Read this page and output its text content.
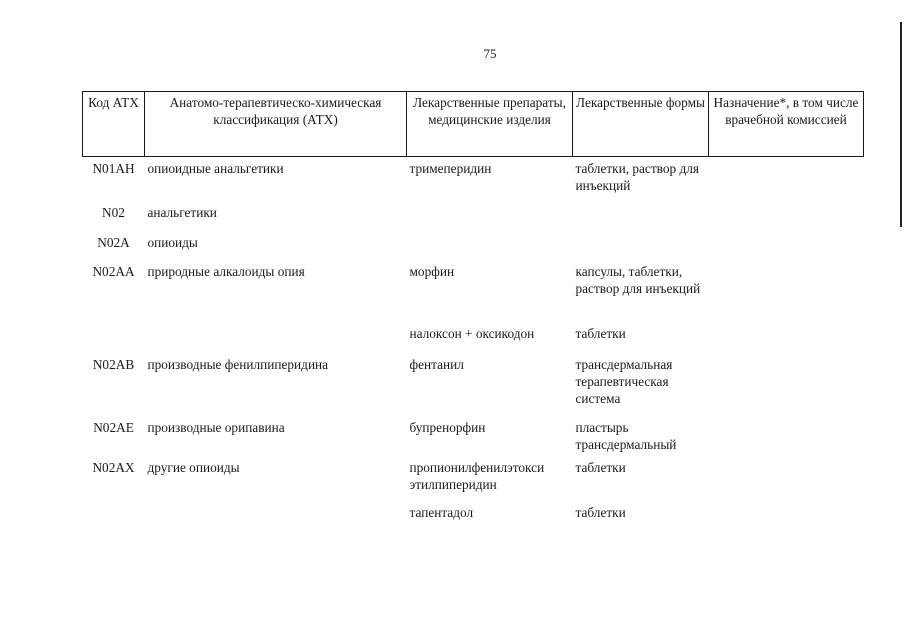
75
Код АТХ	Анатомо-терапевтическо-химическая классификация (АТХ)	Лекарственные препараты, медицинские изделия	Лекарственные формы	Назначение*, в том числе врачебной комиссией
N01AH	опиоидные анальгетики	тримеперидин	таблетки, раствор для инъекций	
N02	анальгетики			
N02A	опиоиды			
N02AA	природные алкалоиды опия	морфин	капсулы, таблетки, раствор для инъекций	
		налоксон + оксикодон	таблетки	
N02AB	производные фенилпиперидина	фентанил	трансдермальная терапевтическая система	
N02AE	производные орипавина	бупренорфин	пластырь трансдермальный	
N02AX	другие опиоиды	пропионилфенилэтокси этилпиперидин	таблетки	
		тапентадол	таблетки	
